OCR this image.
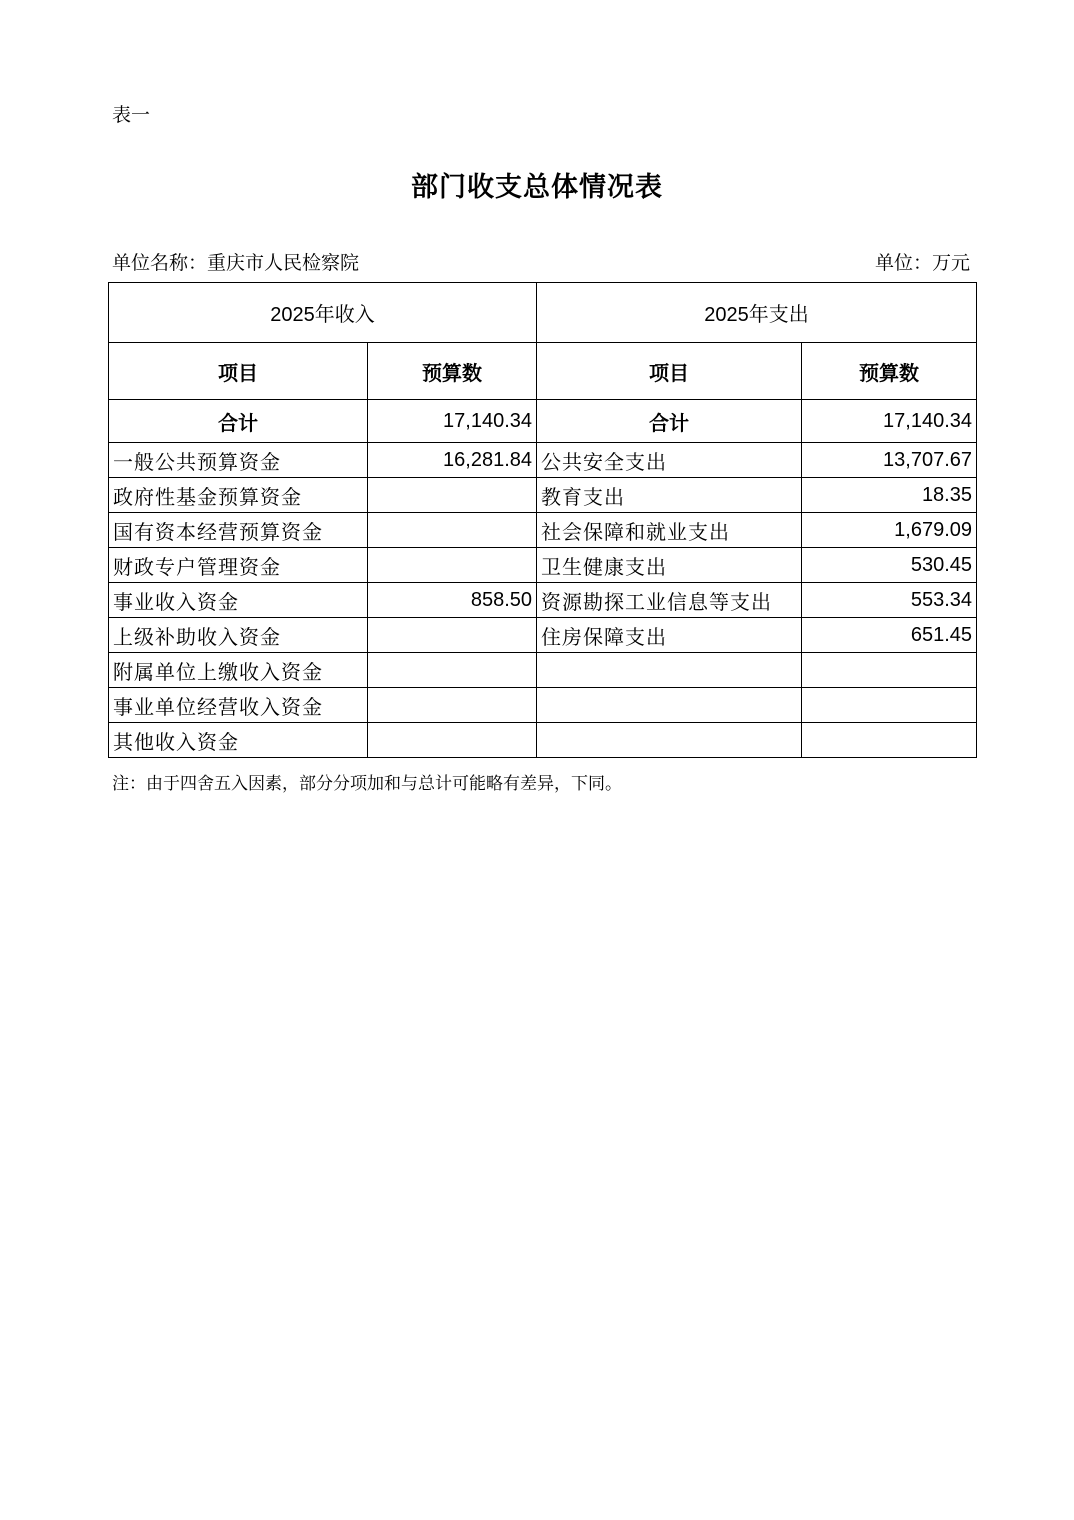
表一
部门收支总体情况表
单位名称：重庆市人民检察院	单位：万元
2025年收入		2025年支出	
项目	预算数	项目	预算数
合计	17,140.34	合计	17,140.34
一般公共预算资金	16,281.84	公共安全支出	13,707.67
政府性基金预算资金		教育支出	18.35
国有资本经营预算资金		社会保障和就业支出	1,679.09
财政专户管理资金		卫生健康支出	530.45
事业收入资金	858.50	资源勘探工业信息等支出	553.34
上级补助收入资金		住房保障支出	651.45
附属单位上缴收入资金			
事业单位经营收入资金			
其他收入资金			
注：由于四舍五入因素，部分分项加和与总计可能略有差异，下同。
